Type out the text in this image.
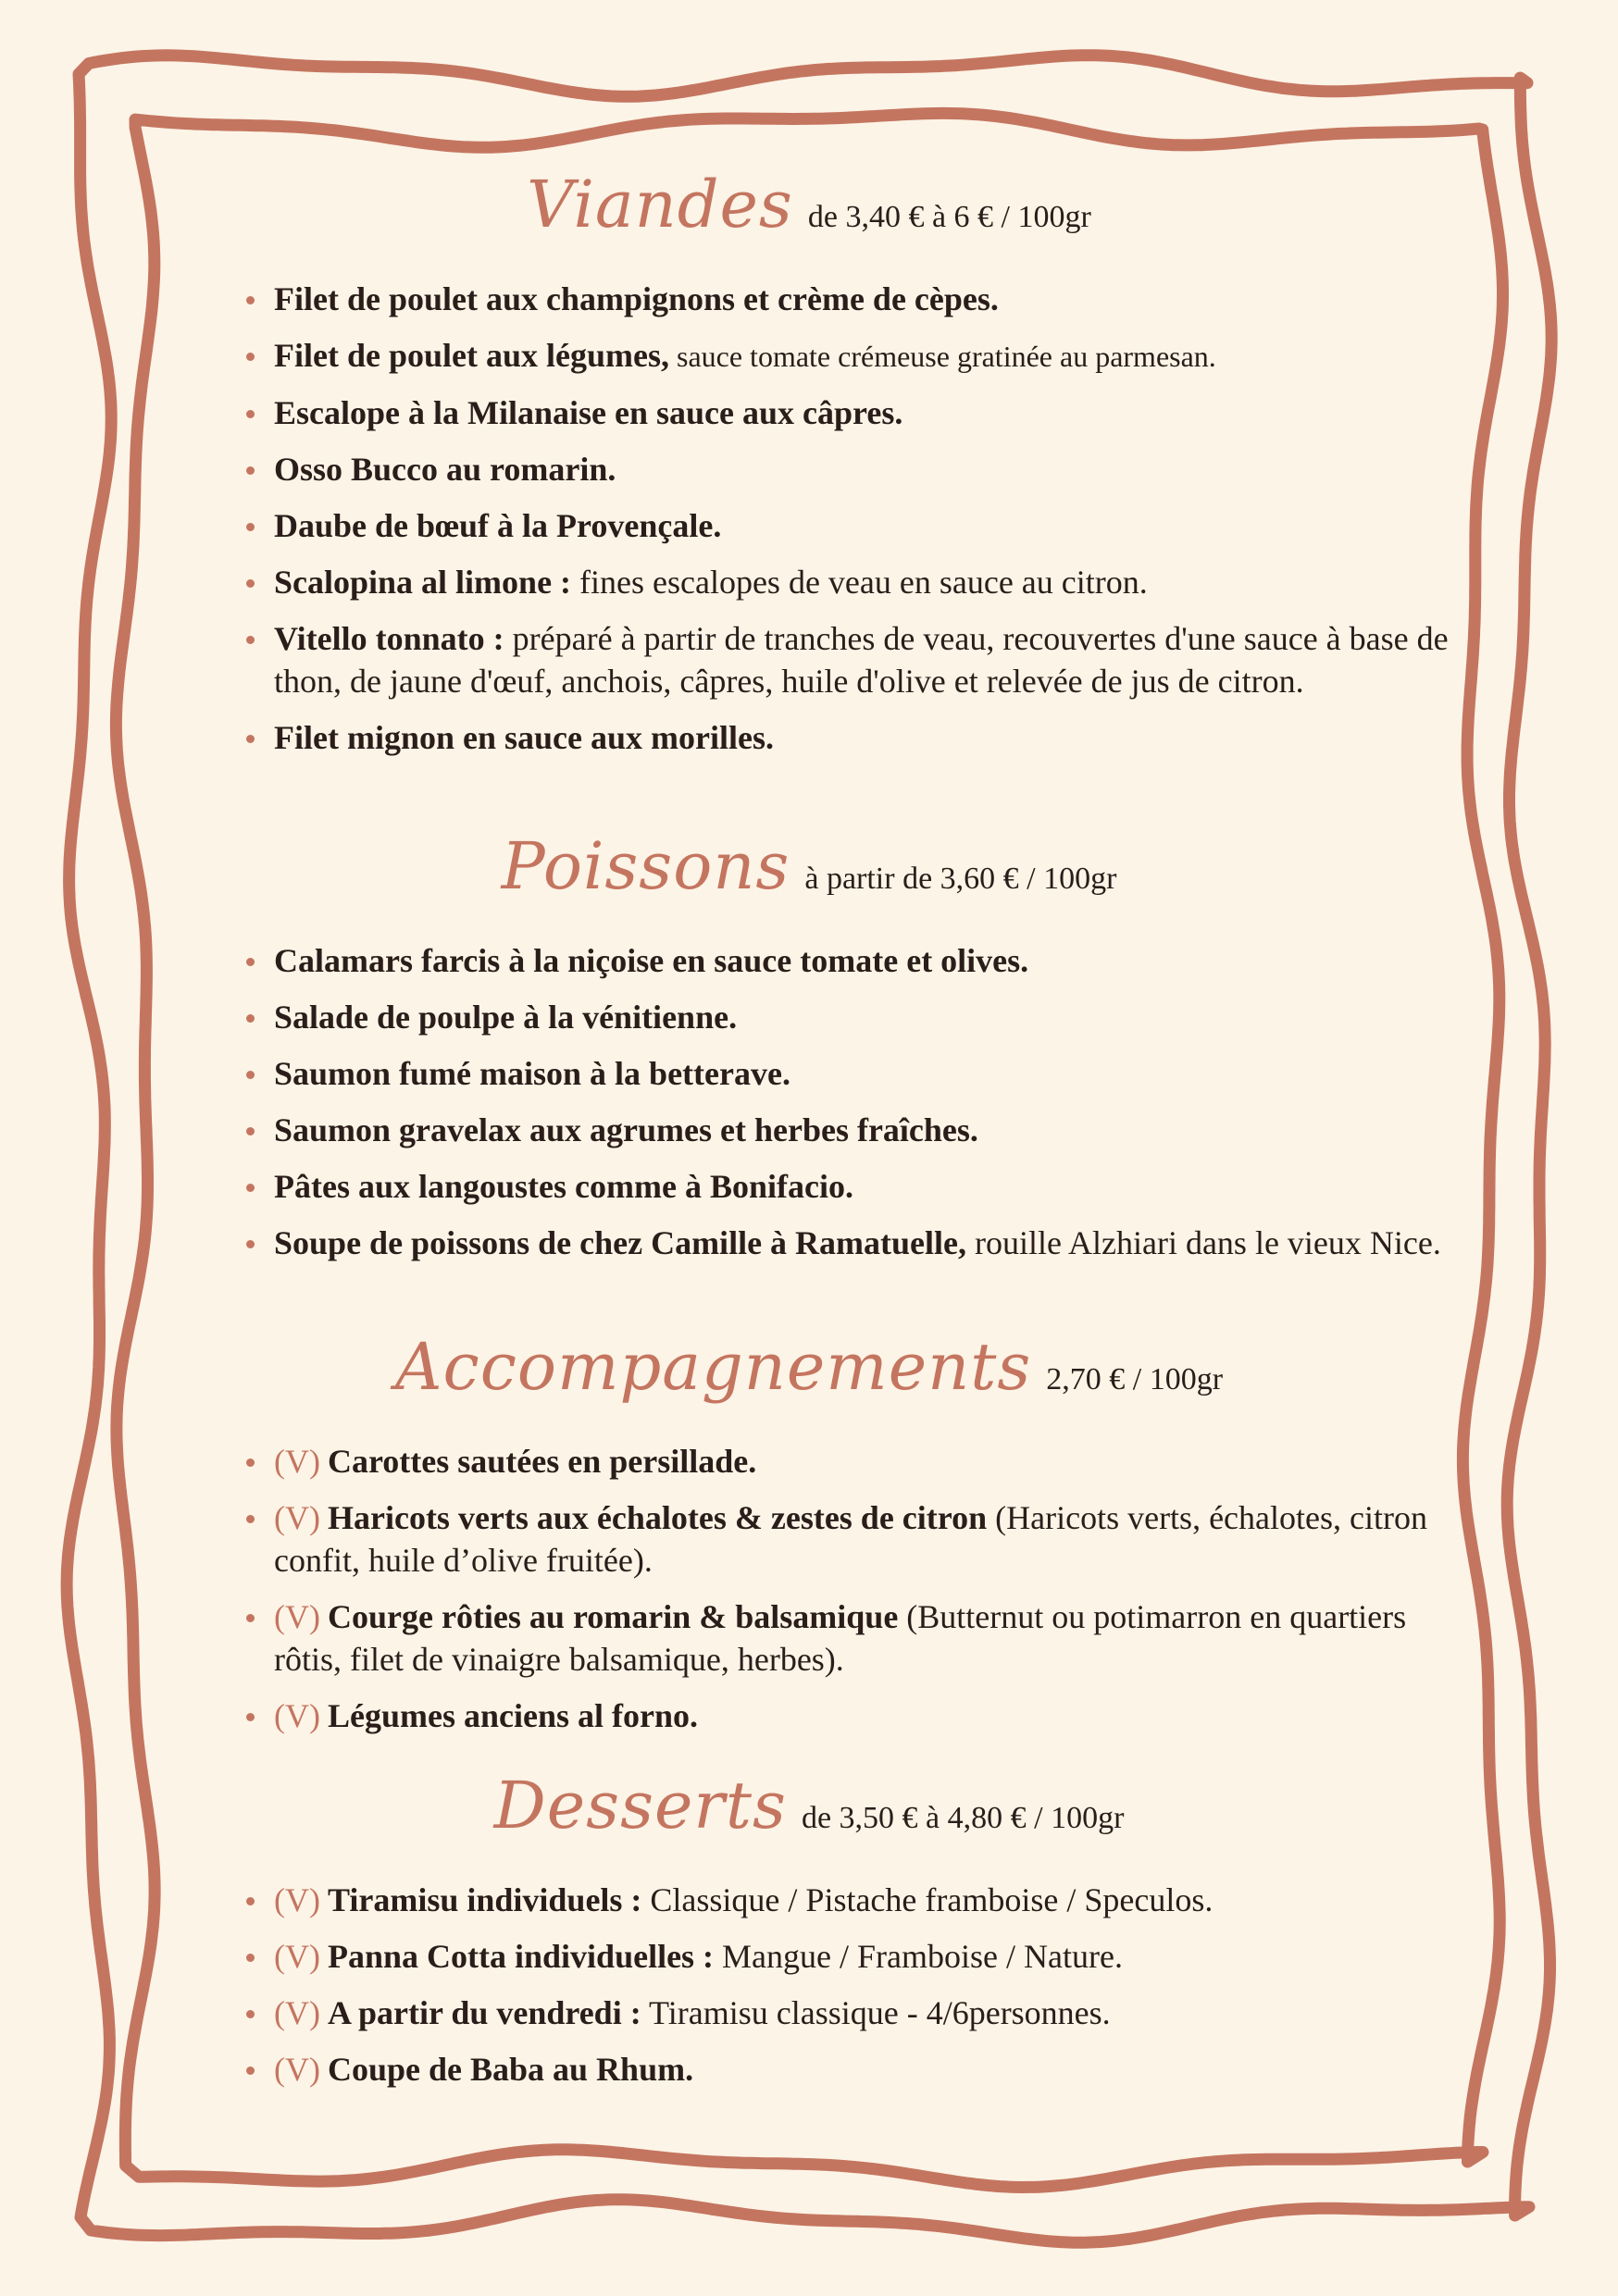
Viandes de 3,40 € à 6 € / 100gr
Filet de poulet aux champignons et crème de cèpes.
Filet de poulet aux légumes, sauce tomate crémeuse gratinée au parmesan.
Escalope à la Milanaise en sauce aux câpres.
Osso Bucco au romarin.
Daube de bœuf à la Provençale.
Scalopina al limone : fines escalopes de veau en sauce au citron.
Vitello tonnato : préparé à partir de tranches de veau, recouvertes d'une sauce à base de thon, de jaune d'œuf, anchois, câpres, huile d'olive et relevée de jus de citron.
Filet mignon en sauce aux morilles.
Poissons à partir de 3,60 € / 100gr
Calamars farcis à la niçoise en sauce tomate et olives.
Salade de poulpe à la vénitienne.
Saumon fumé maison à la betterave.
Saumon gravelax aux agrumes et herbes fraîches.
Pâtes aux langoustes comme à Bonifacio.
Soupe de poissons de chez Camille à Ramatuelle, rouille Alzhiari dans le vieux Nice.
Accompagnements 2,70 € / 100gr
(V) Carottes sautées en persillade.
(V) Haricots verts aux échalotes & zestes de citron (Haricots verts, échalotes, citron confit, huile d’olive fruitée).
(V) Courge rôties au romarin & balsamique (Butternut ou potimarron en quartiers rôtis, filet de vinaigre balsamique, herbes).
(V) Légumes anciens al forno.
Desserts de 3,50 € à 4,80 € / 100gr
(V) Tiramisu individuels : Classique / Pistache framboise / Speculos.
(V) Panna Cotta individuelles : Mangue / Framboise / Nature.
(V) A partir du vendredi : Tiramisu classique - 4/6personnes.
(V) Coupe de Baba au Rhum.
